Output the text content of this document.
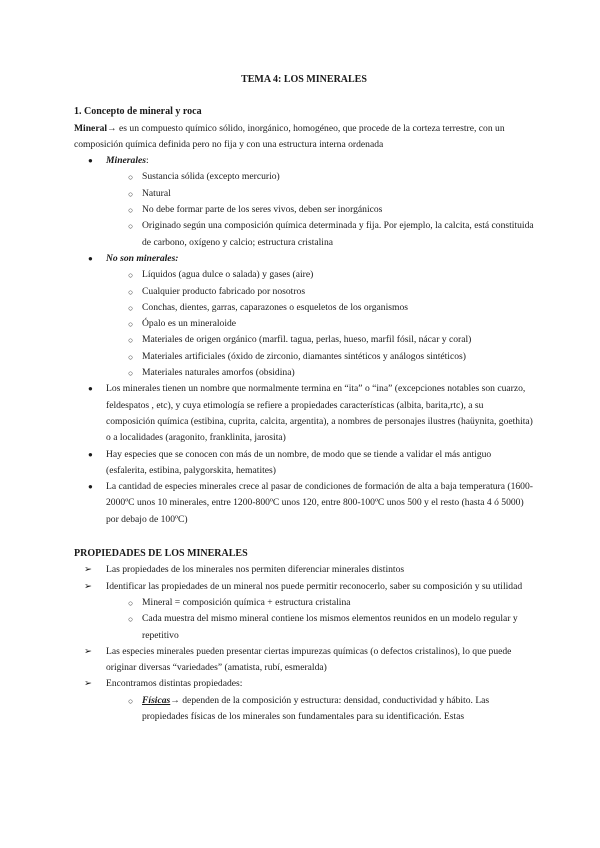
TEMA 4: LOS MINERALES
1. Concepto de mineral y roca

Mineral→ es un compuesto químico sólido, inorgánico, homogéneo, que procede de la corteza terrestre, con un composición química definida pero no fija y con una estructura interna ordenada

● Minerales:
○ Sustancia sólida (excepto mercurio)
○ Natural
○ No debe formar parte de los seres vivos, deben ser inorgánicos
○ Originado según una composición química determinada y fija. Por ejemplo, la calcita, está constituida de carbono, oxígeno y calcio; estructura cristalina
● No son minerales:
○ Líquidos (agua dulce o salada) y gases (aire)
○ Cualquier producto fabricado por nosotros
○ Conchas, dientes, garras, caparazones o esqueletos de los organismos
○ Ópalo es un mineraloide
○ Materiales de origen orgánico (marfil. tagua, perlas, hueso, marfil fósil, nácar y coral)
○ Materiales artificiales (óxido de zirconio, diamantes sintéticos y análogos sintéticos)
○ Materiales naturales amorfos (obsidina)
● Los minerales tienen un nombre que normalmente termina en “ita” o “ina” (excepciones notables son cuarzo, feldespatos , etc), y cuya etimología se refiere a propiedades características (albita, barita,rtc), a su composición química (estibina, cuprita, calcita, argentita), a nombres de personajes ilustres (haüynita, goethita) o a localidades (aragonito, franklinita, jarosita)
● Hay especies que se conocen con más de un nombre, de modo que se tiende a validar el más antiguo (esfalerita, estibina, palygorskita, hematites)
● La cantidad de especies minerales crece al pasar de condiciones de formación de alta a baja temperatura (1600-2000ºC unos 10 minerales, entre 1200-800ºC unos 120, entre 800-100ºC unos 500 y el resto (hasta 4 ó 5000) por debajo de 100ºC)
PROPIEDADES DE LOS MINERALES
➢ Las propiedades de los minerales nos permiten diferenciar minerales distintos
➢ Identificar las propiedades de un mineral nos puede permitir reconocerlo, saber su composición y su utilidad
○ Mineral = composición química + estructura cristalina
○ Cada muestra del mismo mineral contiene los mismos elementos reunidos en un modelo regular y repetitivo
➢ Las especies minerales pueden presentar ciertas impurezas químicas (o defectos cristalinos), lo que puede originar diversas “variedades” (amatista, rubí, esmeralda)
➢ Encontramos distintas propiedades:
○ Físicas→ dependen de la composición y estructura: densidad, conductividad y hábito. Las propiedades físicas de los minerales son fundamentales para su identificación. Estas
